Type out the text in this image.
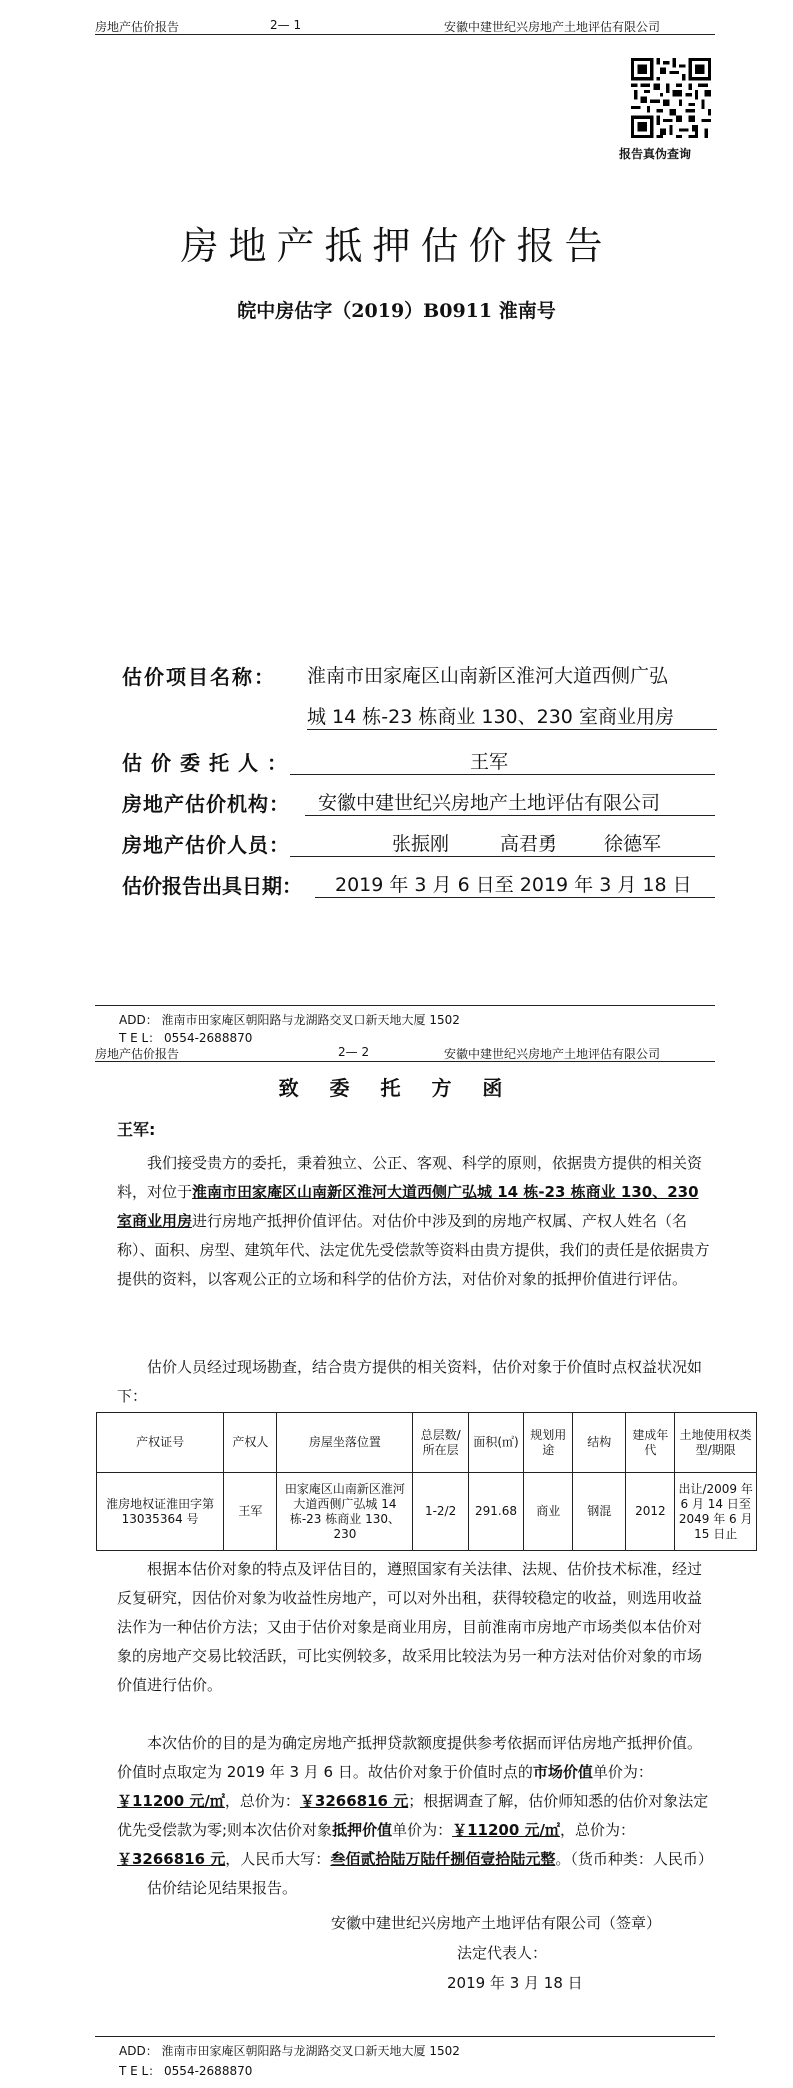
房地产估价报告	2— 1	安徽中建世纪兴房地产土地评估有限公司
报告真伪查询
房地产抵押估价报告
皖中房估字（2019）B0911 淮南号
估价项目名称： 淮南市田家庵区山南新区淮河大道西侧广弘
城 14 栋-23 栋商业 130、230 室商业用房
估价委托人：	王军
房地产估价机构： 安徽中建世纪兴房地产土地评估有限公司
房地产估价人员：	张振刚	高君勇 徐德军
估价报告出具日期： 2019 年 3 月 6 日至 2019 年 3 月 18 日
ADD： 淮南市田家庵区朝阳路与龙湖路交叉口新天地大厦 1502
T E L： 0554-2688870
房地产估价报告	2— 2	安徽中建世纪兴房地产土地评估有限公司
致 委 托 方 函
王军:

我们接受贵方的委托，秉着独立、公正、客观、科学的原则，依据贵方提供的相关资料，对位于淮南市田家庵区山南新区淮河大道西侧广弘城 14 栋-23 栋商业 130、230 室商业用房进行房地产抵押价值评估。对估价中涉及到的房地产权属、产权人姓名（名称）、面积、房型、建筑年代、法定优先受偿款等资料由贵方提供，我们的责任是依据贵方提供的资料，以客观公正的立场和科学的估价方法，对估价对象的抵押价值进行评估。

估价人员经过现场勘查，结合贵方提供的相关资料，估价对象于价值时点权益状况如下：

产权证号	产权人	房屋坐落位置	总层数/所在层	面积(㎡)	规划用途	结构	建成年代	土地使用权类型/期限
淮房地权证淮田字第 13035364 号	王军	田家庵区山南新区淮河大道西侧广弘城 14 栋-23 栋商业 130、230	1-2/2	291.68	商业	钢混	2012	出让/2009 年 6 月 14 日至 2049 年 6 月 15 日止

根据本估价对象的特点及评估目的，遵照国家有关法律、法规、估价技术标准，经过反复研究，因估价对象为收益性房地产，可以对外出租，获得较稳定的收益，则选用收益法作为一种估价方法；又由于估价对象是商业用房，目前淮南市房地产市场类似本估价对象的房地产交易比较活跃，可比实例较多，故采用比较法为另一种方法对估价对象的市场价值进行估价。

本次估价的目的是为确定房地产抵押贷款额度提供参考依据而评估房地产抵押价值。价值时点取定为 2019 年 3 月 6 日。故估价对象于价值时点的市场价值单价为：￥11200 元/㎡，总价为：￥3266816 元；根据调查了解，估价师知悉的估价对象法定优先受偿款为零;则本次估价对象抵押价值单价为：￥11200 元/㎡，总价为：￥3266816 元，人民币大写：叁佰贰拾陆万陆仟捌佰壹拾陆元整。（货币种类：人民币）

估价结论见结果报告。

安徽中建世纪兴房地产土地评估有限公司（签章）
法定代表人：
2019 年 3 月 18 日
ADD： 淮南市田家庵区朝阳路与龙湖路交叉口新天地大厦 1502
T E L： 0554-2688870
